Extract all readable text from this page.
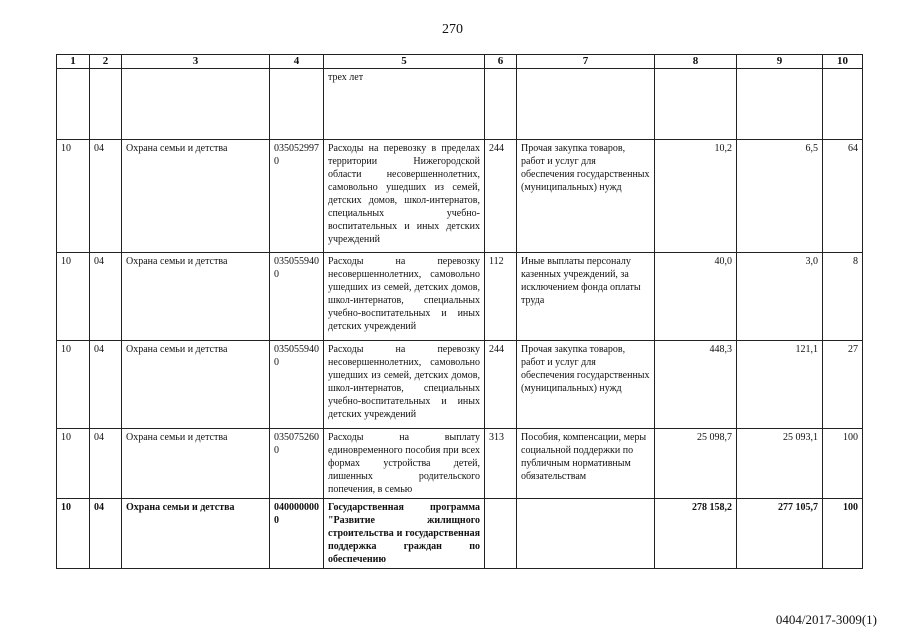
270
1	2	3	4	5	6	7	8	9	10
				трех лет					
10	04	Охрана семьи и детства	0350529970	Расходы на перевозку в пределах территории Нижегородской области несовершеннолетних, самовольно ушедших из семей, детских домов, школ-интернатов, специальных учебно-воспитательных и иных детских учреждений	244	Прочая закупка товаров, работ и услуг для обеспечения государственных (муниципальных) нужд	10,2	6,5	64
10	04	Охрана семьи и детства	0350559400	Расходы на перевозку несовершеннолетних, самовольно ушедших из семей, детских домов, школ-интернатов, специальных учебно-воспитательных и иных детских учреждений	112	Иные выплаты персоналу казенных учреждений, за исключением фонда оплаты труда	40,0	3,0	8
10	04	Охрана семьи и детства	0350559400	Расходы на перевозку несовершеннолетних, самовольно ушедших из семей, детских домов, школ-интернатов, специальных учебно-воспитательных и иных детских учреждений	244	Прочая закупка товаров, работ и услуг для обеспечения государственных (муниципальных) нужд	448,3	121,1	27
10	04	Охрана семьи и детства	0350752600	Расходы на выплату единовременного пособия при всех формах устройства детей, лишенных родительского попечения, в семью	313	Пособия, компенсации, меры социальной поддержки по публичным нормативным обязательствам	25 098,7	25 093,1	100
10	04	Охрана семьи и детства	0400000000	Государственная программа "Развитие жилищного строительства и государственная поддержка граждан по обеспечению			278 158,2	277 105,7	100
0404/2017-3009(1)
